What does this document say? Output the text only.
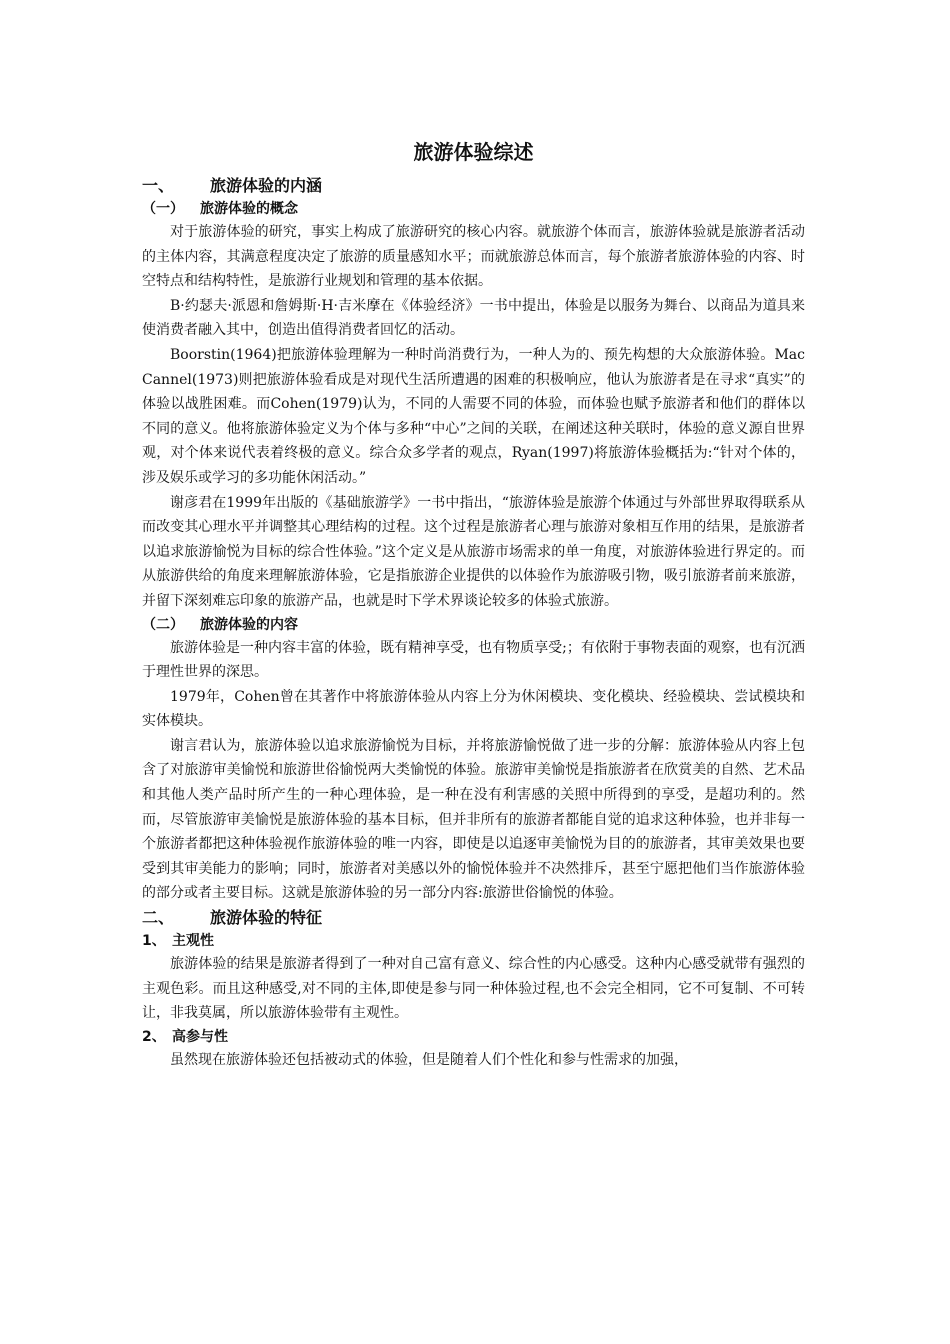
旅游体验综述
一、 旅游体验的内涵
（一） 旅游体验的概念

对于旅游体验的研究，事实上构成了旅游研究的核心内容。就旅游个体而言，旅游体验就是旅游者活动的主体内容，其满意程度决定了旅游的质量感知水平；而就旅游总体而言，每个旅游者旅游体验的内容、时空特点和结构特性，是旅游行业规划和管理的基本依据。

B·约瑟夫·派恩和詹姆斯·H·吉米摩在《体验经济》一书中提出，体验是以服务为舞台、以商品为道具来使消费者融入其中，创造出值得消费者回忆的活动。

Boorstin(1964)把旅游体验理解为一种时尚消费行为，一种人为的、预先构想的大众旅游体验。MacCannel(1973)则把旅游体验看成是对现代生活所遭遇的困难的积极响应，他认为旅游者是在寻求“真实”的体验以战胜困难。而Cohen(1979)认为，不同的人需要不同的体验，而体验也赋予旅游者和他们的群体以不同的意义。他将旅游体验定义为个体与多种“中心”之间的关联，在阐述这种关联时，体验的意义源自世界观，对个体来说代表着终极的意义。综合众多学者的观点，Ryan(1997)将旅游体验概括为:“针对个体的，涉及娱乐或学习的多功能休闲活动。”

谢彦君在1999年出版的《基础旅游学》一书中指出，“旅游体验是旅游个体通过与外部世界取得联系从而改变其心理水平并调整其心理结构的过程。这个过程是旅游者心理与旅游对象相互作用的结果，是旅游者以追求旅游愉悦为目标的综合性体验。”这个定义是从旅游市场需求的单一角度，对旅游体验进行界定的。而从旅游供给的角度来理解旅游体验，它是指旅游企业提供的以体验作为旅游吸引物，吸引旅游者前来旅游，并留下深刻难忘印象的旅游产品，也就是时下学术界谈论较多的体验式旅游。

（二） 旅游体验的内容

旅游体验是一种内容丰富的体验，既有精神享受，也有物质享受;；有依附于事物表面的观察，也有沉洒于理性世界的深思。

1979年，Cohen曾在其著作中将旅游体验从内容上分为休闲模块、变化模块、经验模块、尝试模块和实体模块。

谢言君认为，旅游体验以追求旅游愉悦为目标，并将旅游愉悦做了进一步的分解：旅游体验从内容上包含了对旅游审美愉悦和旅游世俗愉悦两大类愉悦的体验。旅游审美愉悦是指旅游者在欣赏美的自然、艺术品和其他人类产品时所产生的一种心理体验，是一种在没有利害感的关照中所得到的享受，是超功利的。然而，尽管旅游审美愉悦是旅游体验的基本目标，但并非所有的旅游者都能自觉的追求这种体验，也并非每一个旅游者都把这种体验视作旅游体验的唯一内容，即使是以追逐审美愉悦为目的的旅游者，其审美效果也要受到其审美能力的影响；同时，旅游者对美感以外的愉悦体验并不决然排斥，甚至宁愿把他们当作旅游体验的部分或者主要目标。这就是旅游体验的另一部分内容:旅游世俗愉悦的体验。

二、 旅游体验的特征
1、 主观性

旅游体验的结果是旅游者得到了一种对自己富有意义、综合性的内心感受。这种内心感受就带有强烈的主观色彩。而且这种感受,对不同的主体,即使是参与同一种体验过程,也不会完全相同，它不可复制、不可转让，非我莫属，所以旅游体验带有主观性。

2、 高参与性

虽然现在旅游体验还包括被动式的体验，但是随着人们个性化和参与性需求的加强，
